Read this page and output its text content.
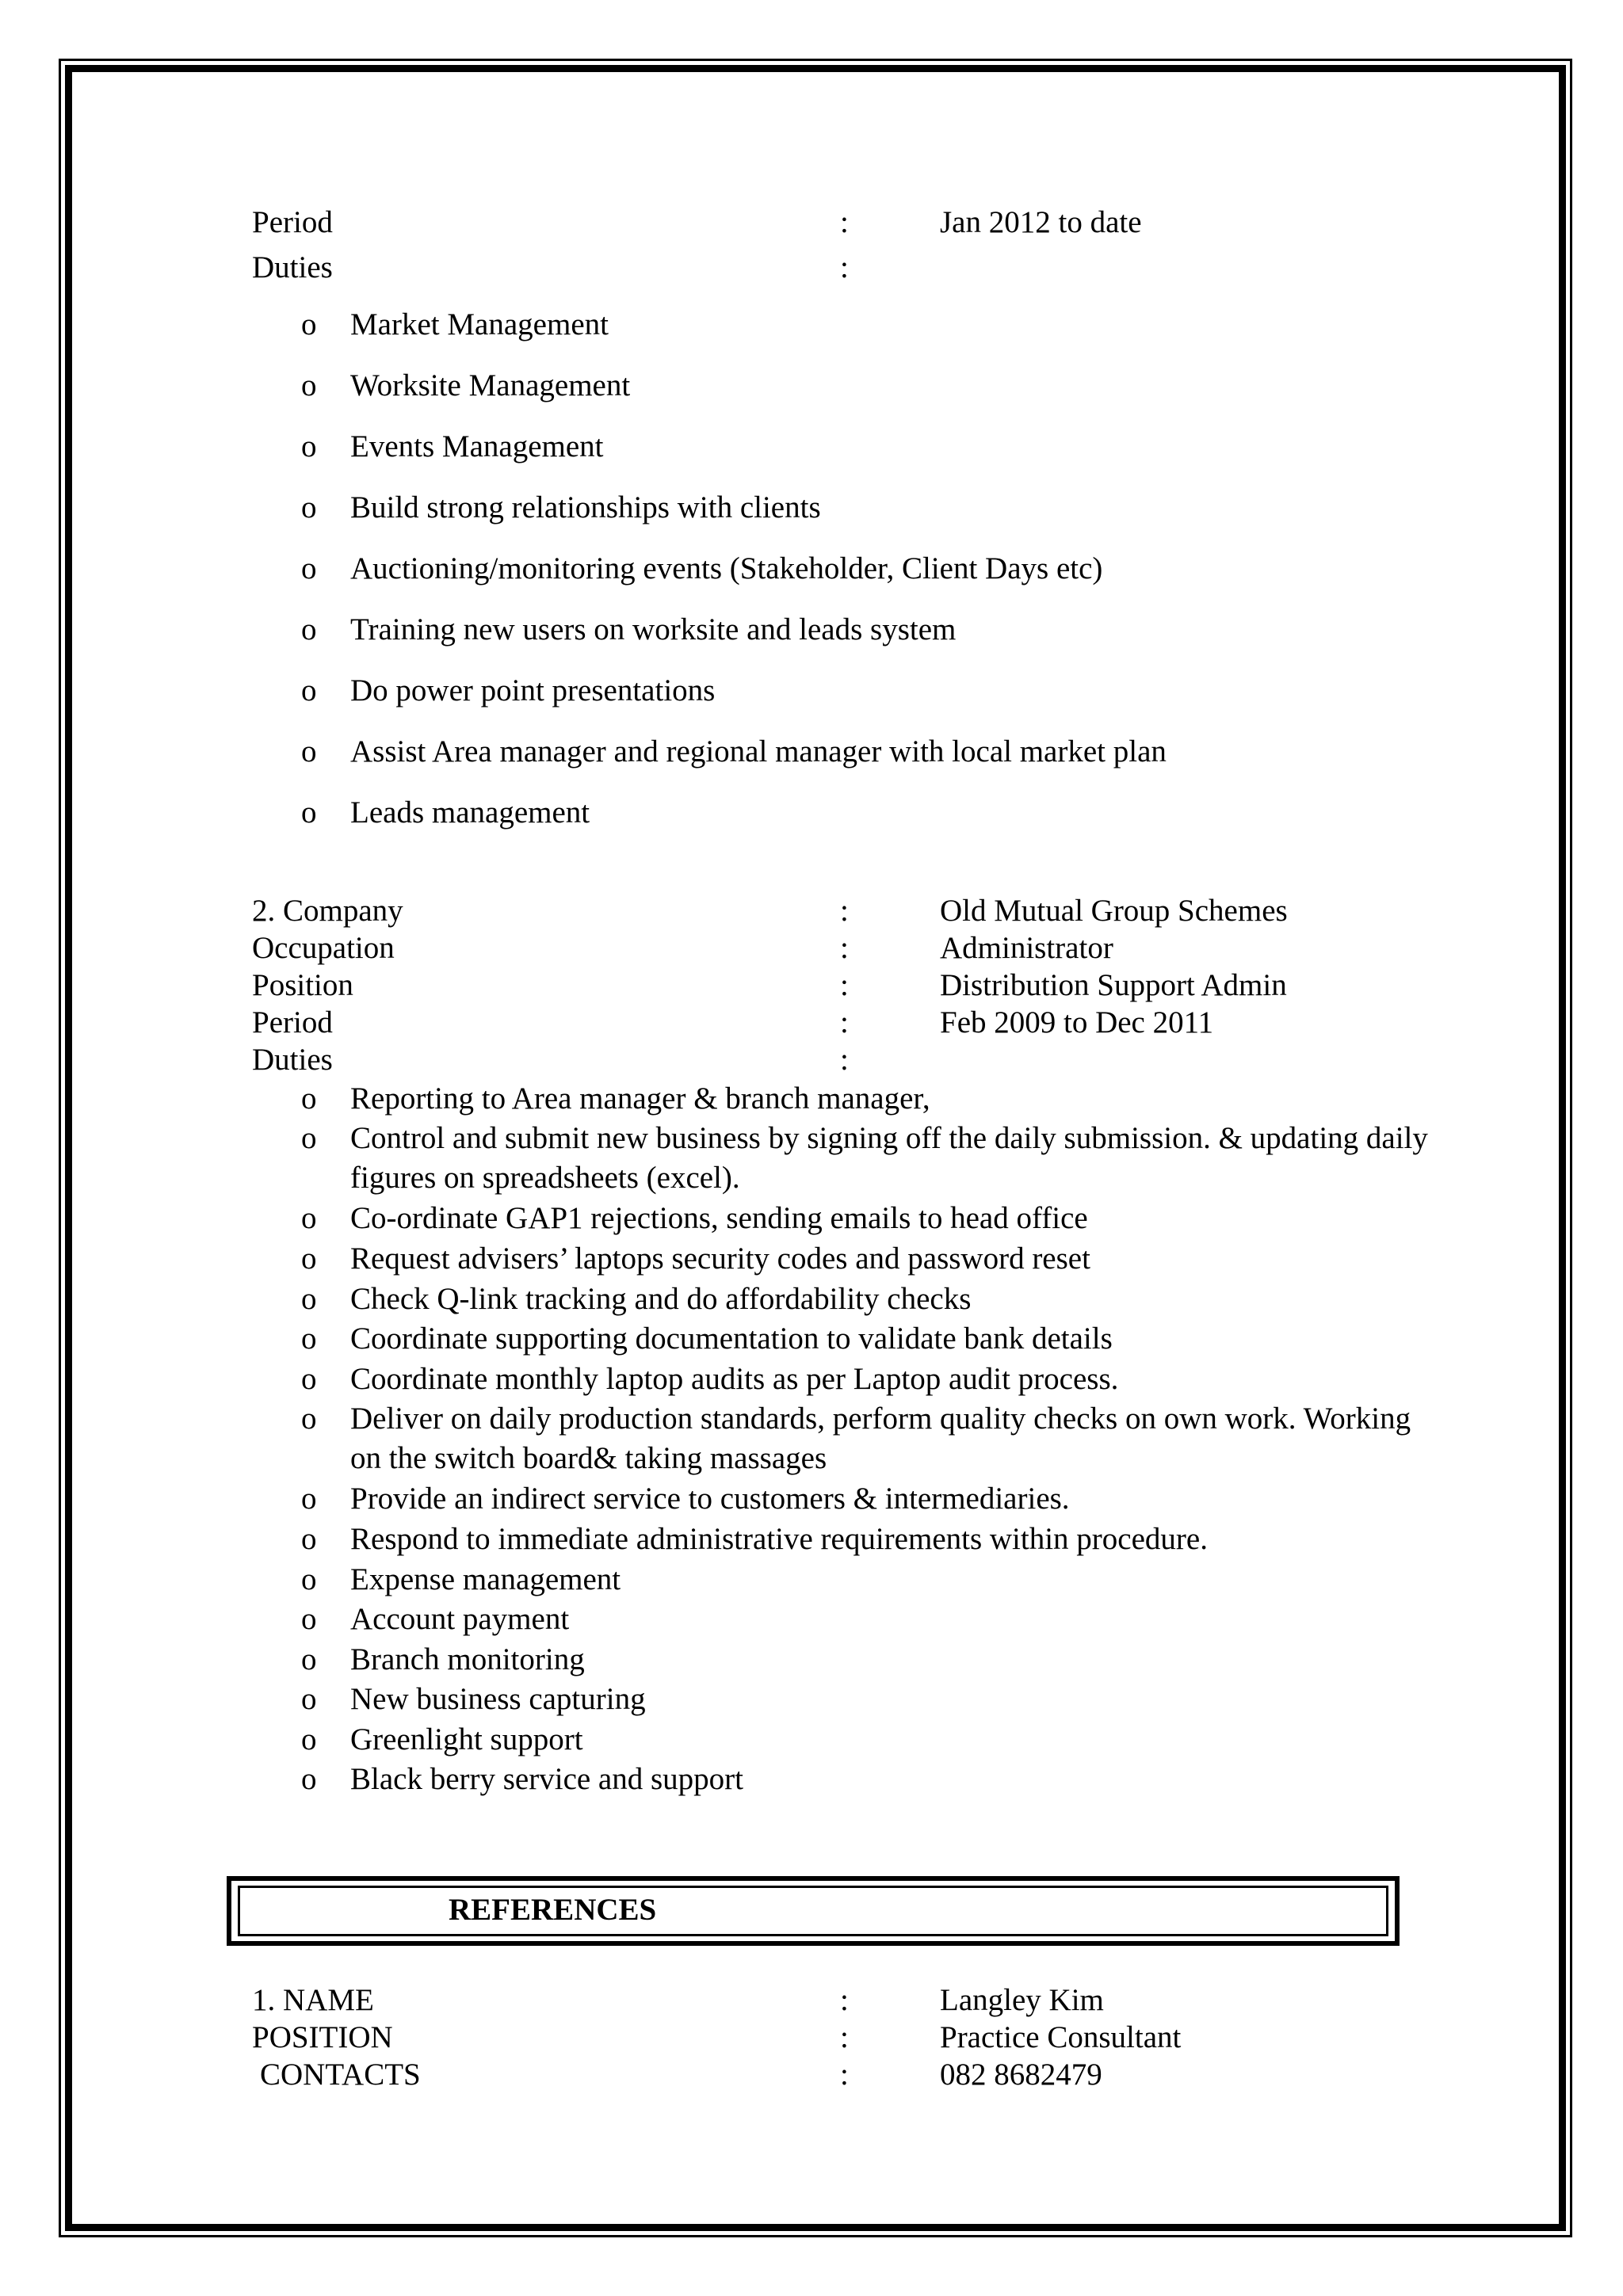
Period	:	Jan 2012 to date
Duties	:
o Market Management
o Worksite Management
o Events Management
o Build strong relationships with clients
o Auctioning/monitoring events (Stakeholder, Client Days etc)
o Training new users on worksite and leads system
o Do power point presentations
o Assist Area manager and regional manager with local market plan
o Leads management
2. Company	:	Old Mutual Group Schemes
Occupation	:	Administrator
Position	:	Distribution Support Admin
Period	:	Feb 2009 to Dec 2011
Duties	:
o Reporting to Area manager & branch manager,
o Control and submit new business by signing off the daily submission. & updating daily figures on spreadsheets (excel).
o Co-ordinate GAP1 rejections, sending emails to head office
o Request advisers’ laptops security codes and password reset
o Check Q-link tracking and do affordability checks
o Coordinate supporting documentation to validate bank details
o Coordinate monthly laptop audits as per Laptop audit process.
o Deliver on daily production standards, perform quality checks on own work. Working on the switch board& taking massages
o Provide an indirect service to customers & intermediaries.
o Respond to immediate administrative requirements within procedure.
o Expense management
o Account payment
o Branch monitoring
o New business capturing
o Greenlight support
o Black berry service and support
REFERENCES
1. NAME	:	Langley Kim
POSITION	:	Practice Consultant
CONTACTS	:	082 8682479
